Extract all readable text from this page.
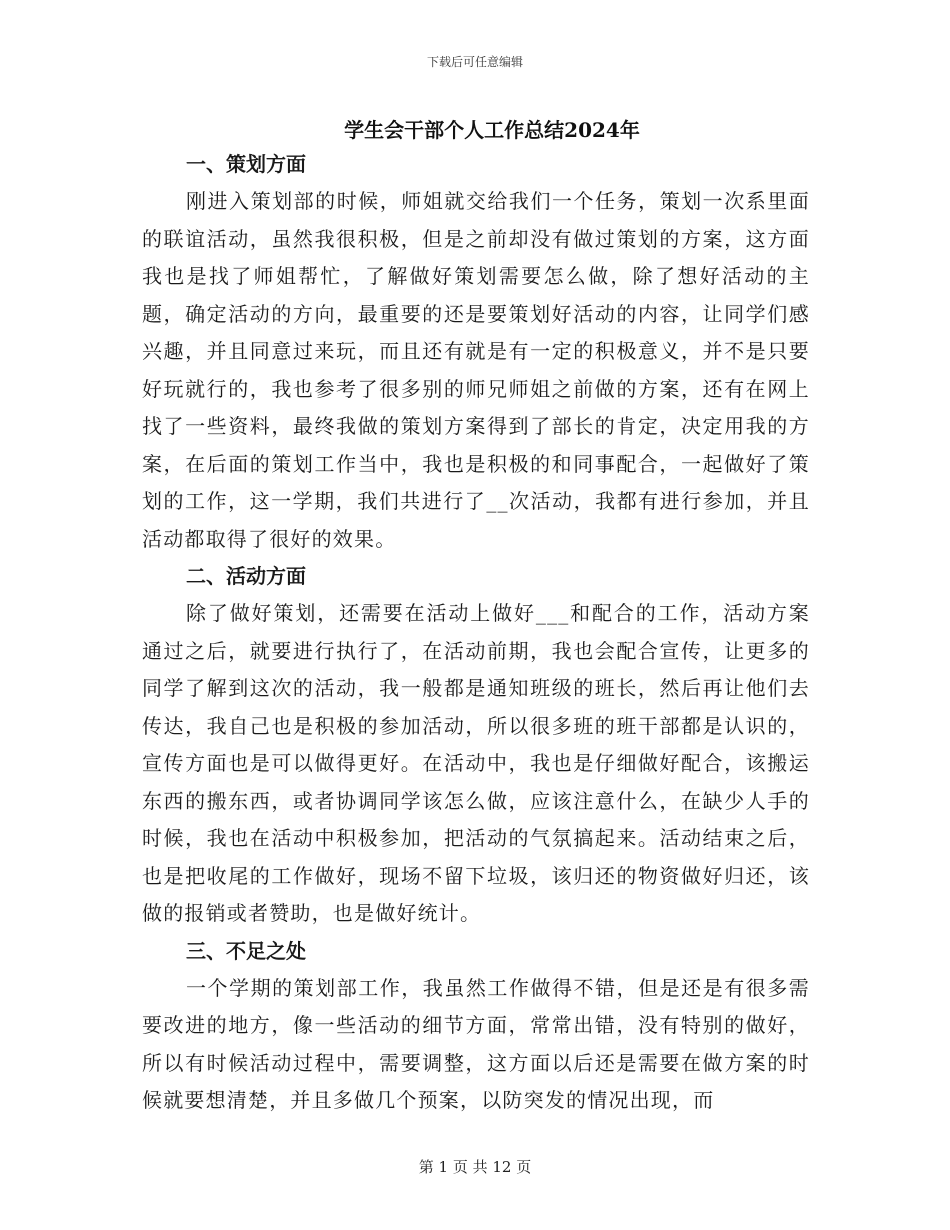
下载后可任意编辑
学生会干部个人工作总结2024年
一、策划方面

刚进入策划部的时候，师姐就交给我们一个任务，策划一次系里面的联谊活动，虽然我很积极，但是之前却没有做过策划的方案，这方面我也是找了师姐帮忙，了解做好策划需要怎么做，除了想好活动的主题，确定活动的方向，最重要的还是要策划好活动的内容，让同学们感兴趣，并且同意过来玩，而且还有就是有一定的积极意义，并不是只要好玩就行的，我也参考了很多别的师兄师姐之前做的方案，还有在网上找了一些资料，最终我做的策划方案得到了部长的肯定，决定用我的方案，在后面的策划工作当中，我也是积极的和同事配合，一起做好了策划的工作，这一学期，我们共进行了__次活动，我都有进行参加，并且活动都取得了很好的效果。

二、活动方面

除了做好策划，还需要在活动上做好___和配合的工作，活动方案通过之后，就要进行执行了，在活动前期，我也会配合宣传，让更多的同学了解到这次的活动，我一般都是通知班级的班长，然后再让他们去传达，我自己也是积极的参加活动，所以很多班的班干部都是认识的，宣传方面也是可以做得更好。在活动中，我也是仔细做好配合，该搬运东西的搬东西，或者协调同学该怎么做，应该注意什么，在缺少人手的时候，我也在活动中积极参加，把活动的气氛搞起来。活动结束之后，也是把收尾的工作做好，现场不留下垃圾，该归还的物资做好归还，该做的报销或者赞助，也是做好统计。

三、不足之处

一个学期的策划部工作，我虽然工作做得不错，但是还是有很多需要改进的地方，像一些活动的细节方面，常常出错，没有特别的做好，所以有时候活动过程中，需要调整，这方面以后还是需要在做方案的时候就要想清楚，并且多做几个预案，以防突发的情况出现，而

第 1 页 共 12 页
